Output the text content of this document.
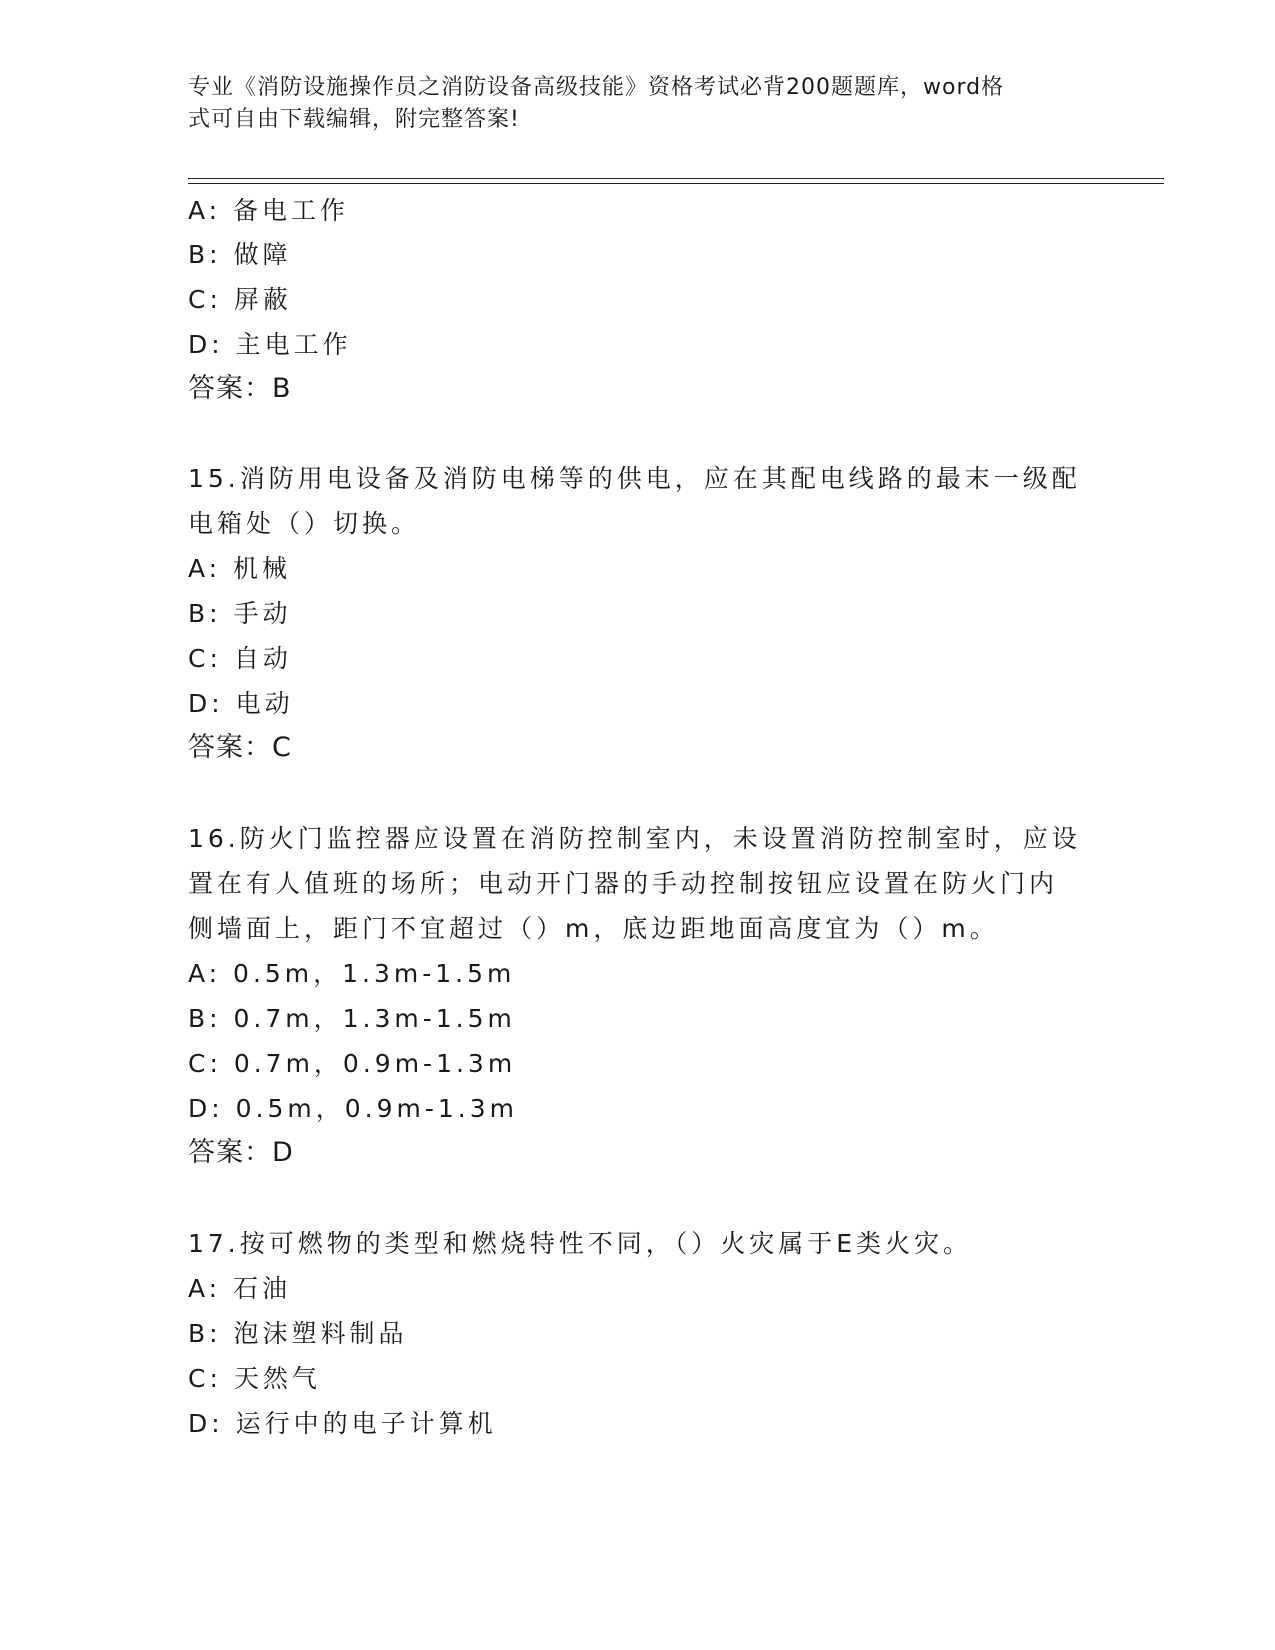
专业《消防设施操作员之消防设备高级技能》资格考试必背200题题库，word格
式可自由下载编辑，附完整答案!
A: 备电工作
B: 做障
C: 屏蔽
D: 主电工作
答案：B
15.消防用电设备及消防电梯等的供电，应在其配电线路的最末一级配
电箱处（）切换。
A: 机械
B: 手动
C: 自动
D: 电动
答案：C
16.防火门监控器应设置在消防控制室内，未设置消防控制室时，应设
置在有人值班的场所；电动开门器的手动控制按钮应设置在防火门内
侧墙面上，距门不宜超过（）m，底边距地面高度宜为（）m。
A: 0.5m，1.3m-1.5m
B: 0.7m，1.3m-1.5m
C: 0.7m，0.9m-1.3m
D: 0.5m，0.9m-1.3m
答案：D
17.按可燃物的类型和燃烧特性不同，（）火灾属于E类火灾。
A: 石油
B: 泡沫塑料制品
C: 天然气
D: 运行中的电子计算机
